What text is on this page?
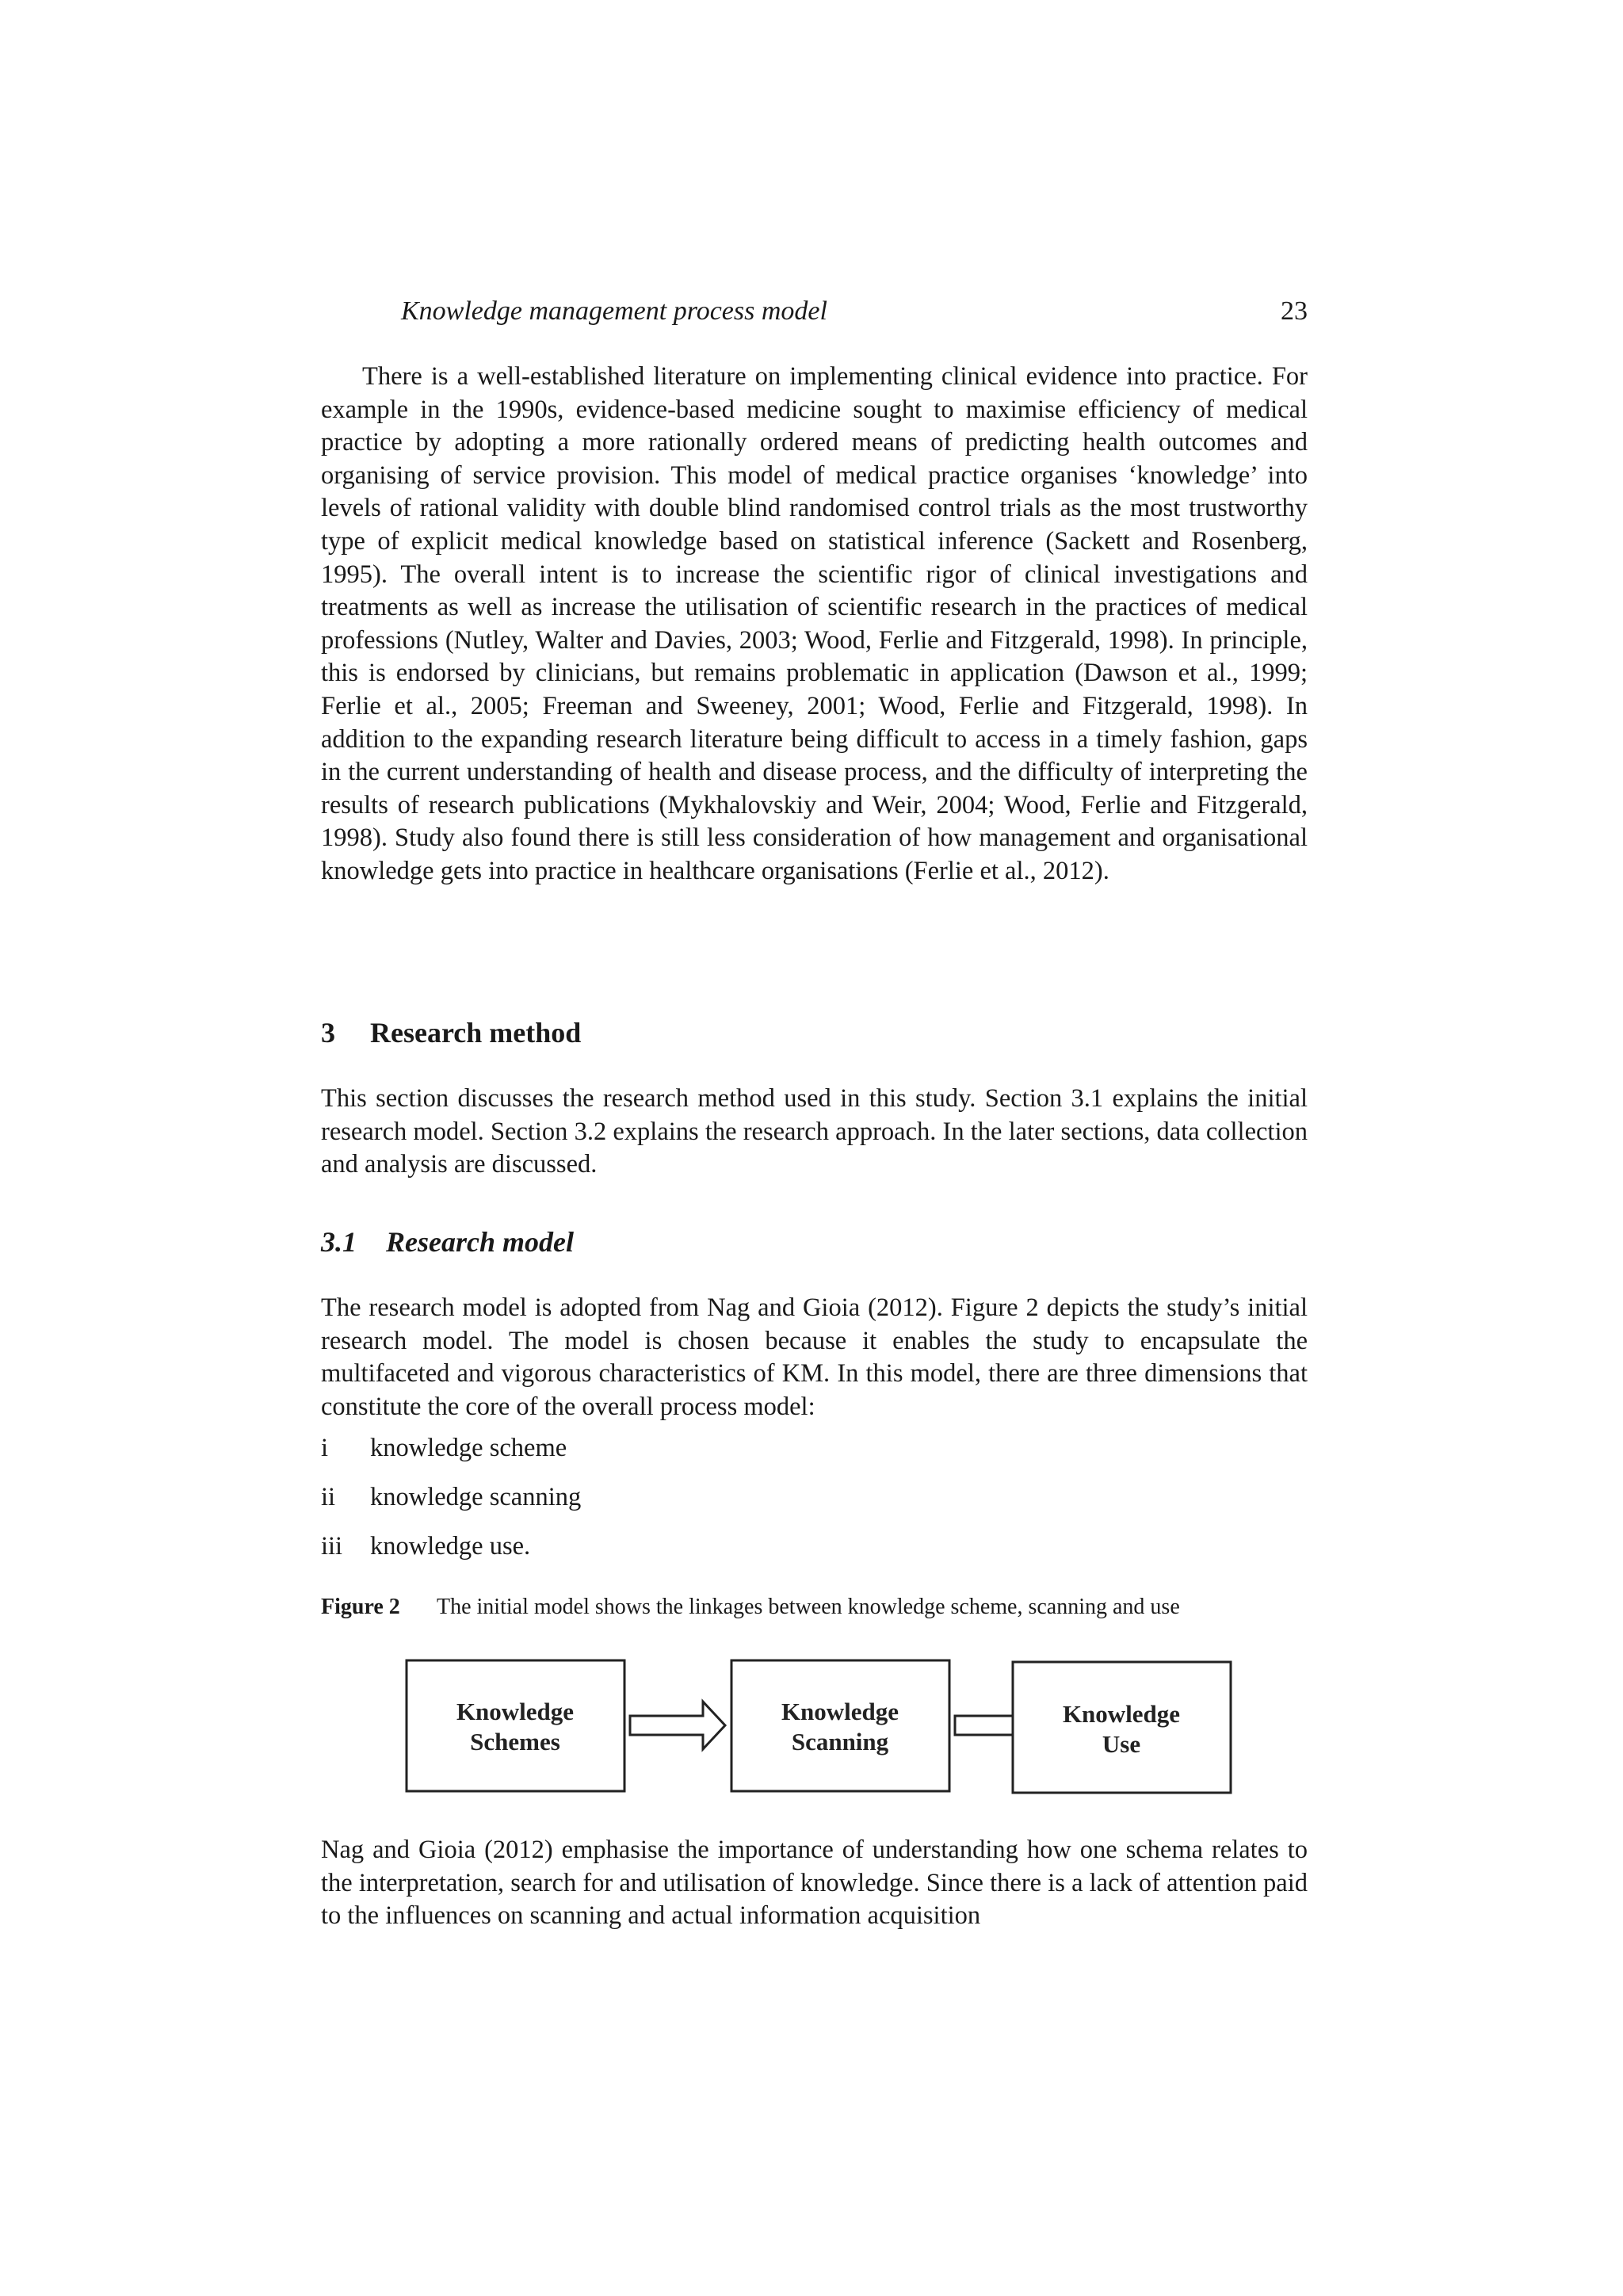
Knowledge management process model	23

There is a well-established literature on implementing clinical evidence into practice. For example in the 1990s, evidence-based medicine sought to maximise efficiency of medical practice by adopting a more rationally ordered means of predicting health outcomes and organising of service provision. This model of medical practice organises ‘knowledge’ into levels of rational validity with double blind randomised control trials as the most trustworthy type of explicit medical knowledge based on statistical inference (Sackett and Rosenberg, 1995). The overall intent is to increase the scientific rigor of clinical investigations and treatments as well as increase the utilisation of scientific research in the practices of medical professions (Nutley, Walter and Davies, 2003; Wood, Ferlie and Fitzgerald, 1998). In principle, this is endorsed by clinicians, but remains problematic in application (Dawson et al., 1999; Ferlie et al., 2005; Freeman and Sweeney, 2001; Wood, Ferlie and Fitzgerald, 1998). In addition to the expanding research literature being difficult to access in a timely fashion, gaps in the current understanding of health and disease process, and the difficulty of interpreting the results of research publications (Mykhalovskiy and Weir, 2004; Wood, Ferlie and Fitzgerald, 1998). Study also found there is still less consideration of how management and organisational knowledge gets into practice in healthcare organisations (Ferlie et al., 2012).

3 Research method

This section discusses the research method used in this study. Section 3.1 explains the initial research model. Section 3.2 explains the research approach. In the later sections, data collection and analysis are discussed.

3.1 Research model

The research model is adopted from Nag and Gioia (2012). Figure 2 depicts the study’s initial research model. The model is chosen because it enables the study to encapsulate the multifaceted and vigorous characteristics of KM. In this model, there are three dimensions that constitute the core of the overall process model:

i knowledge scheme
ii knowledge scanning
iii knowledge use.
Figure 2 The initial model shows the linkages between knowledge scheme, scanning and use
Knowledge
Schemes
Knowledge
Scanning
Knowledge
Use

Nag and Gioia (2012) emphasise the importance of understanding how one schema relates to the interpretation, search for and utilisation of knowledge. Since there is a lack of attention paid to the influences on scanning and actual information acquisition
